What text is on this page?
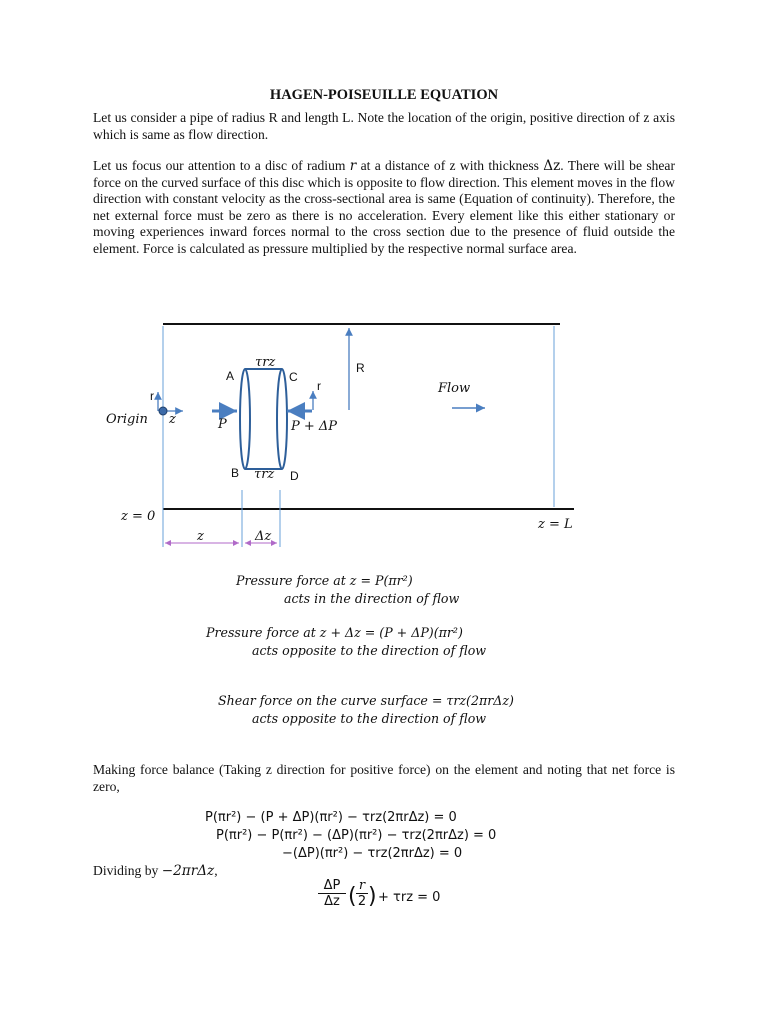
HAGEN-POISEUILLE EQUATION

Let us consider a pipe of radius R and length L. Note the location of the origin, positive direction of z axis which is same as flow direction.

Let us focus our attention to a disc of radium r at a distance of z with thickness Δz. There will be shear force on the curved surface of this disc which is opposite to flow direction. This element moves in the flow direction with constant velocity as the cross-sectional area is same (Equation of continuity). Therefore, the net external force must be zero as there is no acceleration. Every element like this either stationary or moving experiences inward forces normal to the cross section due to the presence of fluid outside the element. Force is calculated as pressure multiplied by the respective normal surface area.

A
B
C
D
R
r
r
Origin z	P	P + ΔP
τrz
τrz
Flow
z = 0
z = L
z	Δz
Pressure force at z = P(πr²)
acts in the direction of flow
Pressure force at z + Δz = (P + ΔP)(πr²)
acts opposite to the direction of flow
Shear force on the curve surface = τrz(2πrΔz)
acts opposite to the direction of flow

Making force balance (Taking z direction for positive force) on the element and noting that net force is zero,

P(πr²) − (P + ΔP)(πr²) − τrz(2πrΔz) = 0
P(πr²) − P(πr²) − (ΔP)(πr²) − τrz(2πrΔz) = 0
−(ΔP)(πr²) − τrz(2πrΔz) = 0
Dividing by −2πrΔz,
$\frac{\Delta P}{\Delta z}$ ( $\frac{r}{2}$ ) + τrz = 0
